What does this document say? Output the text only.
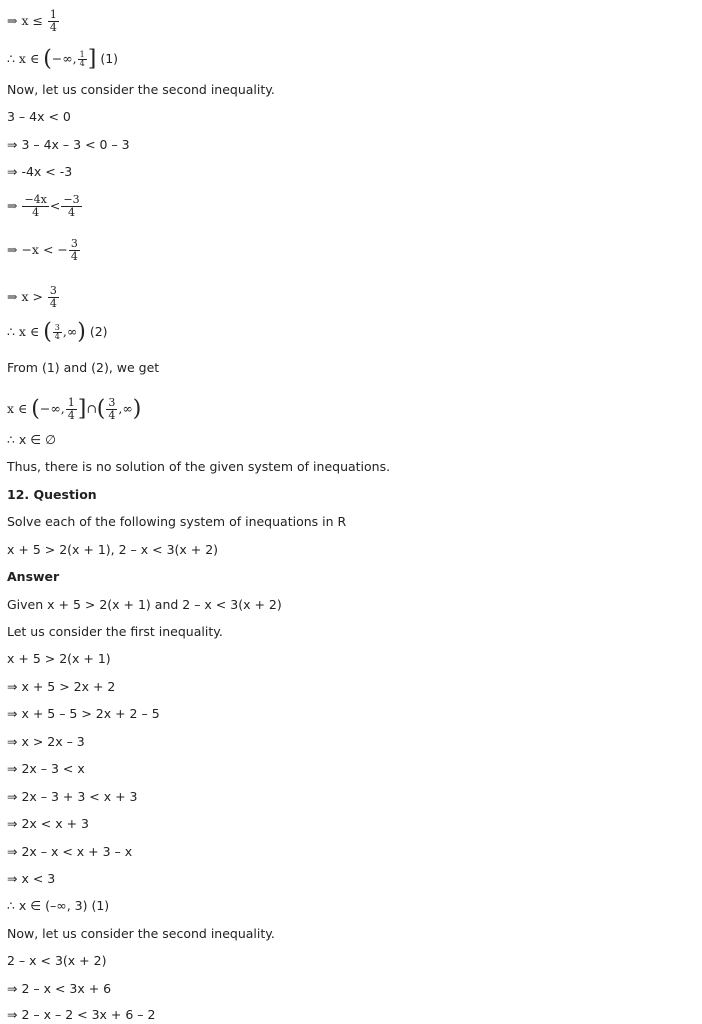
⇒ $x \le \frac{1}{4}$
∴ x ∈ (−∞, $\frac{1}{4}$ ] (1)
Now, let us consider the second inequality.
3 – 4x < 0
⇒ 3 – 4x – 3 < 0 – 3
⇒ -4x < -3
⇒ $\frac{-4x}{4} < \frac{-3}{4}$
⇒ −x < − $\frac{3}{4}$
⇒ $x > \frac{3}{4}$
∴ x ∈ ( $\frac{3}{4}$ ,∞) (2)
From (1) and (2), we get
x ∈ (−∞, $\frac{1}{4}$ ]∩( $\frac{3}{4}$ ,∞)
∴ x ∈ ∅
Thus, there is no solution of the given system of inequations.
12. Question
Solve each of the following system of inequations in R
x + 5 > 2(x + 1), 2 – x < 3(x + 2)
Answer
Given x + 5 > 2(x + 1) and 2 – x < 3(x + 2)
Let us consider the first inequality.
x + 5 > 2(x + 1)
⇒ x + 5 > 2x + 2
⇒ x + 5 – 5 > 2x + 2 – 5
⇒ x > 2x – 3
⇒ 2x – 3 < x
⇒ 2x – 3 + 3 < x + 3
⇒ 2x < x + 3
⇒ 2x – x < x + 3 – x
⇒ x < 3
∴ x ∈ (–∞, 3) (1)
Now, let us consider the second inequality.
2 – x < 3(x + 2)
⇒ 2 – x < 3x + 6
⇒ 2 – x – 2 < 3x + 6 – 2
